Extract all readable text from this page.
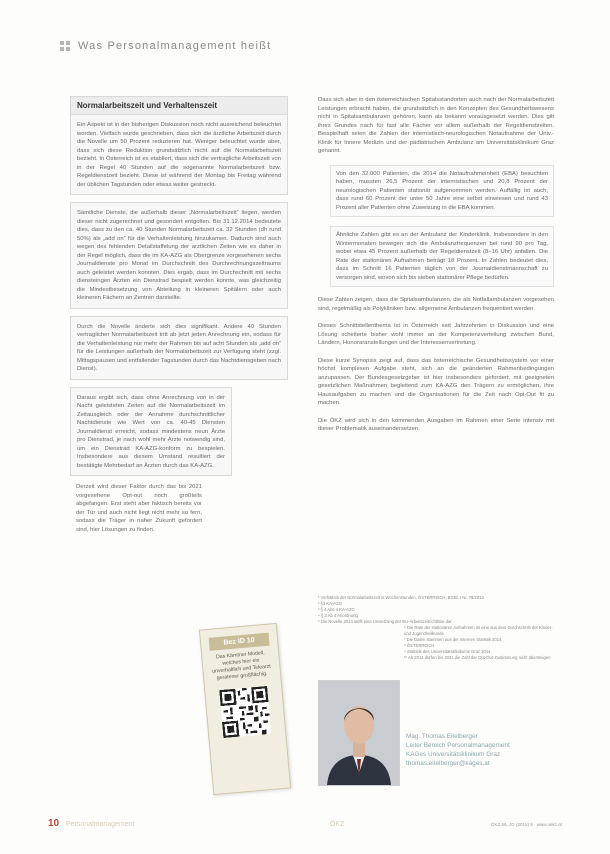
Was Personalmanagement heißt
Normalarbeitszeit und Verhaltenszeit

Ein Aspekt ist in der bisherigen Diskussion noch nicht ausreichend beleuchtet worden. Vielfach wurde geschrieben, dass sich die ärztliche Arbeitszeit durch die Novelle um 50 Prozent reduzieren hat. Weniger beleuchtet wurde aber, dass sich diese Reduktion grundsätzlich nicht auf die Normalarbeitszeit bezieht. In Österreich ist es etabliert, dass sich die vertragliche Arbeitszeit von in der Regel 40 Stunden auf die sogenannte Normalarbeitszeit bzw. Regeldienstzeit bezieht. Diese ist während der Montag bis Freitag während der üblichen Tagstunden oder etwas weiter gestreckt.

Sämtliche Dienste, die außerhalb dieser „Normalarbeitszeit“ liegen, werden dieser nicht zugerechnet und gesondert entgolten. Bis 31.12.2014 bedeutete dies, dass zu den ca. 40 Stunden Normalarbeitszeit ca. 32 Stunden (dh rund 50%) als „add on“ für die Verhaltenleistung hinzukamen. Dadurch sind auch wegen des fehlenden Detailstaffelung der arztlichen Zeiten wie es daher in der Regel möglich, dass die im KA-AZG als Obergrenze vorgesehenen sechs Journaldienste pro Monat im Durchschnitt des Durchrechnungszeitraums auch geleistet werden konnten. Dies ergab, dass im Durchschnitt mit sechs diensteingen Ärzten ein Dienstrad bespielt werden konnte, was gleichzeitig die Mindestbesetzung von Abteilung in kleineren Spitälern oder auch kleineren Fächern an Zentren darstellte.

Durch die Novelle änderte sich dies signifikant. Andere 40 Stunden vertraglicher Normalarbeitszeit tritt ab jetzt jeden Anrechnung ein, sodass für die Verhaltenleistung nur mehr der Rahmen bis auf acht Stunden als „add on“ für die Leistungen außerhalb der Normalarbeitszeit zur Verfügung steht (zzgl. Mittagspausen und entfallender Tagstunden durch das Nachtdiensgeben nach Dienst).

Daraus ergibt sich, dass ohne Anrechnung von in der Nacht geleisteten Zeiten auf die Normalarbeitszeit im Zeitausgleich oder der Annahme durchschnittlicher Nachtdienste wie Wert von ca. 40-45 Diensten Journaldienst erreicht, sodass mindestens neun Ärzte pro Dienstrad, je nach wohl mehr Arzte notwendig sind, um ein Dienstrad KA-AZG-konform zu bespielen. Insbesondere aus diesem Umstand resultiert der bestätigte Mehrbedarf an Ärzten durch das KA-AZG.

Derzeit wird dieser Faktor durch das bis 2021 vorgesehene Opt-out noch großteils abgefangen. Erst steht aber faktisch bereits vor der Tür und auch nicht liegt nicht mehr so fern, sodass die Träger in naher Zukunft gefordert sind, hier Lösungen zu finden.

Bez ID 10
Das Kärntner Modell, welches hier ein unverhaltlich und Telearzt geratener großflächig.

Dass sich aber in den österreichischen Spitalsstandorten auch nach der Normalarbeitszeit Leistungen erbracht haben, die grundsätzlich in den Konzepten des Gesundheitswesens nicht in Spitalsambulanzen gehören, kann als bekannt vorausgesetzt werden. Dies gilt ihres Grundes nach für fast alle Fächer vor allem außerhalb der Regeldienstzeiten. Beispielhaft seien die Zahlen der internistisch-neurologischen Notaufnahme der Univ.-Klinik für Innere Medizin und der pädiatrischen Ambulanz am Universitätsklinikum Graz genannt.

Von den 32.000 Patienten, die 2014 die Notaufnahmeinheit (EBA) besuchten haben, mussten 26,5 Prozent der internistischen und 20,8 Prozent der neurologischen Patienten stationär aufgenommen werden. Auffällig ist auch, dass rund 60 Prozent der unter 50 Jahre eine selbst einwiesen und rund 43 Prozent aller Patienten ohne Zuweisung in die EBA kommen.

Ähnliche Zahlen gibt es an der Ambulanz der Kinderklinik. Insbesondere in den Wintermonaten bewegen sich die Ambulanzfrequenzen bei rund 90 pro Tag, wobei etwa 45 Prozent außerhalb der Regeldienstzeit (8–16 Uhr) anfallen. Die Rate der stationären Aufnahmen beträgt 18 Prozent. In Zahlen bedeutet dies, dass im Schnitt 16 Patienten täglich von der Journaldienstmannschaft zu versorgen sind, wovon sich bis sieben stationärer Pflege bedürfen.

Diese Zahlen zeigen, dass die Spitalsambulanzen, die als Notfallambulanzen vorgesehen sind, regelmäßig als Polykliniken bzw. allgemeine Ambulanzen frequentiert werden.

Dieses Schnittstellenthema ist in Österreich seit Jahrzehnten in Diskussion und eine Lösung scheiterte bisher wohl immer an der Kompetenzverteilung zwischen Bund, Ländern, Honoraranstellungen und der Interessenvertretung.

Diese kurze Synopsis zeigt auf, dass das österreichische Gesundheitssystem vor einer höchst komplexen Aufgabe steht, sich an die geänderten Rahmenbedingungen anzupassen. Der Bundesgesetzgeber ist hier insbesondere gefordert, mit geeigneten gesetzlichen Maßnahmen begleitend zum KA-AZG den Trägern zu ermöglichen, ihre Hausaufgaben zu machen und die Organisationen für die Zeit nach Opt-Out fit zu machen.

Die ÖKZ wird sich in den kommenden Ausgaben im Rahmen einer Serie intensiv mit dieser Problematik auseinandersetzen.

¹ Verhältnis der Normalarbeitszeit in Wochenstunden, ÖSTERREICH, BGBl. I Nr. 76/2014
² §3 KA-AZG
³ § 4 Abs 4 KA-AZG
⁴ § 3 Ab 4 Anordnung
⁵ Die Novelle 2014 stellt eine Umsetzung der EU-Arbeitszeitrichtlinie dar
⁶ Die Rate der stationären Aufnahmen ist eine aus dem Durchschnitt der Kinder- und Jugendheilkunde
⁷ Die Daten stammen aus der internen Statistik 2014
⁸ ÖSTERREICH
⁹ Statistik des Universitätsklinikums Graz 2014
¹⁰ Ab 2014 dürfen bis 2021 die Zahl der Opt-Out-Zustimmung nicht übersteigen
Mag. Thomas Eitelberger
Leiter Bereich Personalmanagement
KAGes Universitätsklinikum Graz
thomas.eitelberger@kages.at
10 Personalmanagement	ÖKZ	ÖKZ 56. JG (2015) 5 · www.oekz.at
